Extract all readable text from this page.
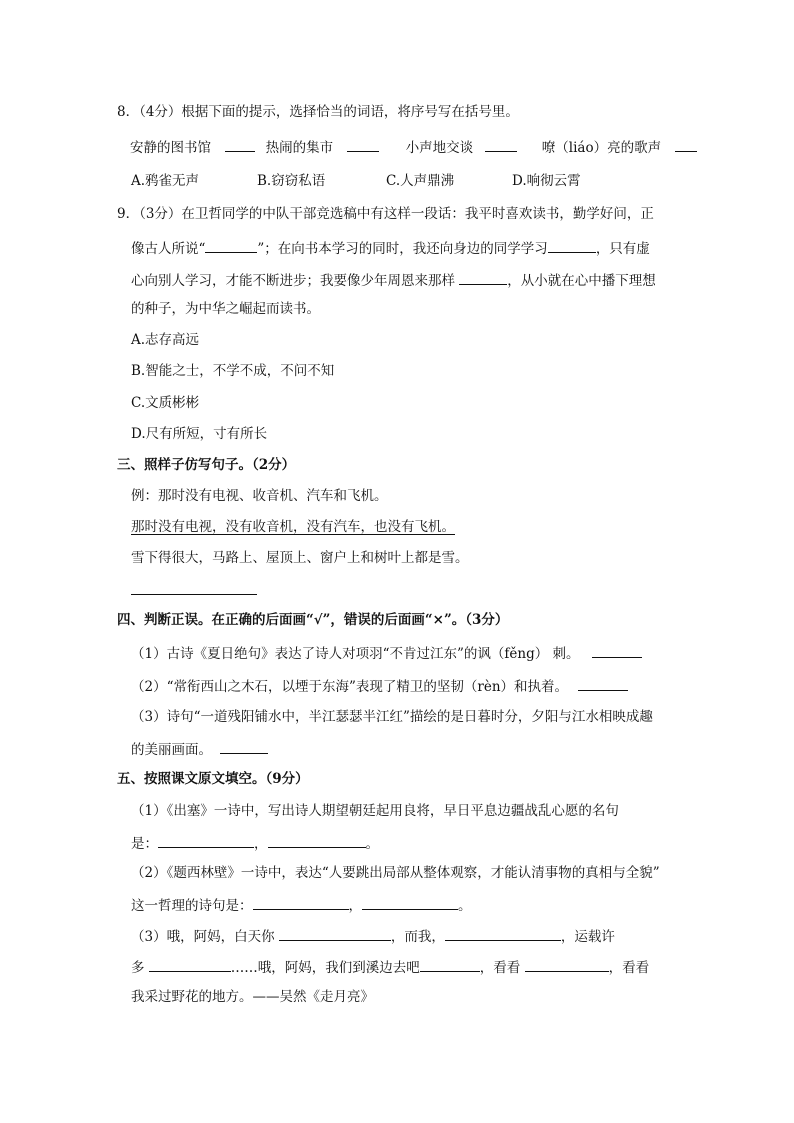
8．（4分）根据下面的提示，选择恰当的词语，将序号写在括号里。
安静的图书馆	热闹的集市	小声地交谈	嘹（liáo）亮的歌声
A.鸦雀无声	B.窃窃私语	C.人声鼎沸	D.响彻云霄
9．（3分）在卫哲同学的中队干部竞选稿中有这样一段话：我平时喜欢读书，勤学好问，正
像古人所说“	”；在向书本学习的同时，我还向身边的同学学习	，只有虚
心向别人学习，才能不断进步；我要像少年周恩来那样	，从小就在心中播下理想
的种子，为中华之崛起而读书。
A.志存高远
B.智能之士，不学不成，不问不知
C.文质彬彬
D.尺有所短，寸有所长
三、照样子仿写句子。（2分）
例：那时没有电视、收音机、汽车和飞机。
那时没有电视，没有收音机，没有汽车，也没有飞机。
雪下得很大，马路上、屋顶上、窗户上和树叶上都是雪。
四、判断正误。在正确的后面画“√”，错误的后面画“×”。（3分）
（1）古诗《夏日绝句》表达了诗人对项羽“不肯过江东”的讽（fěng） 刺。
（2）“常衔西山之木石，以堙于东海”表现了精卫的坚韧（rèn）和执着。
（3）诗句“一道残阳铺水中，半江瑟瑟半江红”描绘的是日暮时分，夕阳与江水相映成趣
的美丽画面。
五、按照课文原文填空。（9分）
（1）《出塞》一诗中，写出诗人期望朝廷起用良将，早日平息边疆战乱心愿的名句
是：	，	。
（2）《题西林壁》一诗中，表达“人要跳出局部从整体观察，才能认清事物的真相与全貌”
这一哲理的诗句是：	，	。
（3）哦，阿妈，白天你	，而我，	，运载许
多	……哦，阿妈，我们到溪边去吧	，看看	，看看
我采过野花的地方。——吴然《走月亮》
